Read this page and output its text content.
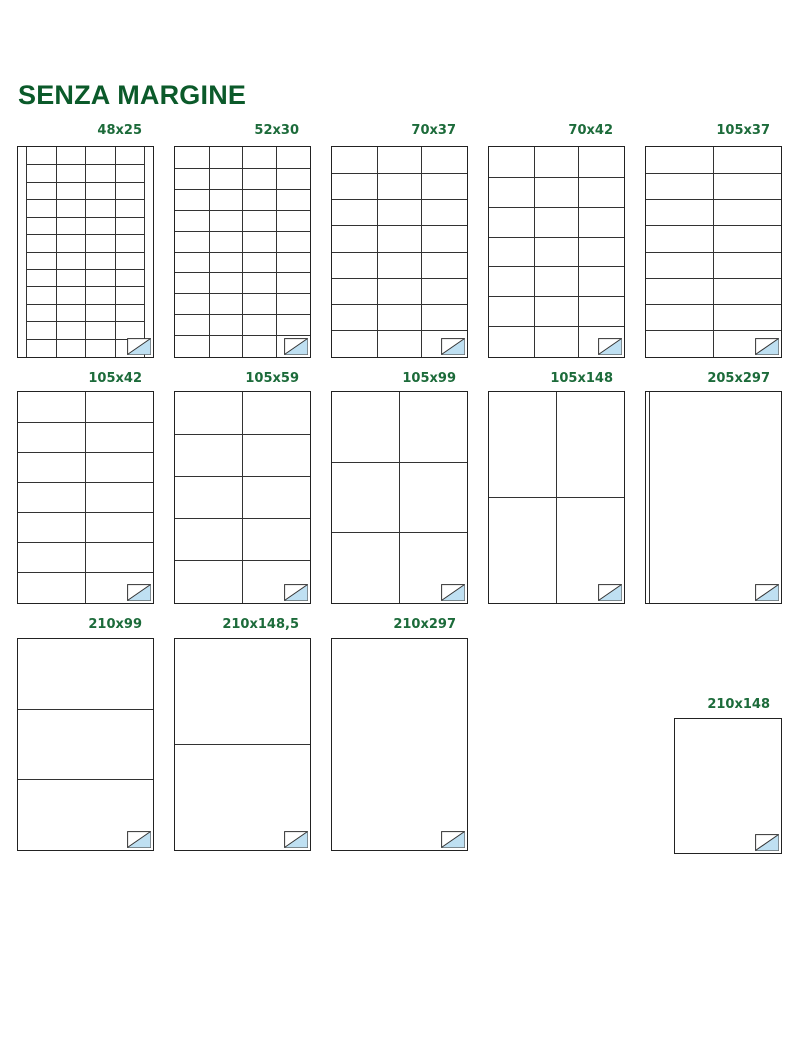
SENZA MARGINE
48x25	52x30	70x37	70x42	105x37
105x42	105x59	105x99	105x148	205x297
210x99	210x148,5	210x297
210x148
